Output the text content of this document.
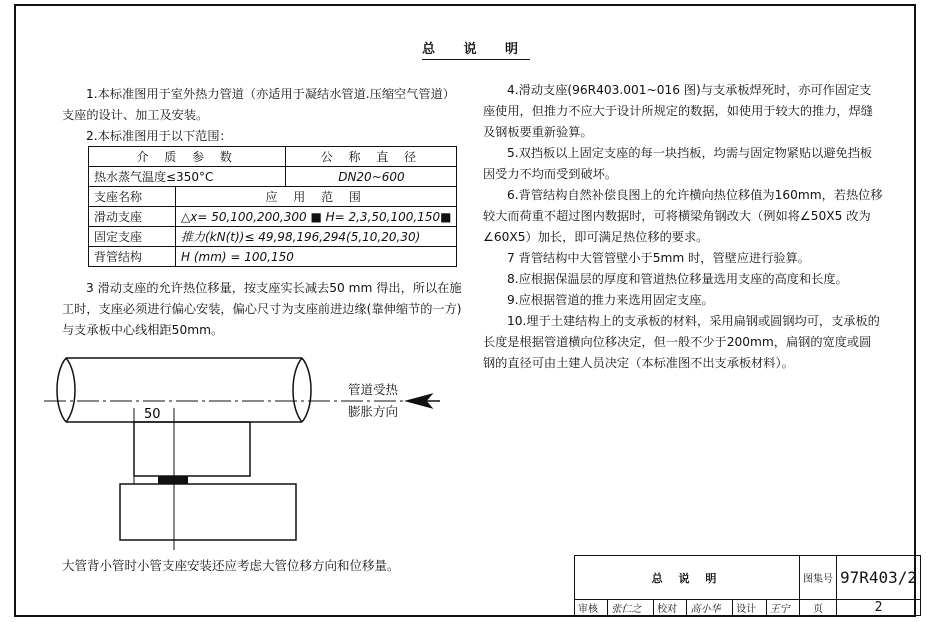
总 说 明

1.本标准图用于室外热力管道（亦适用于凝结水管道.压缩空气管道）支座的设计、加工及安装。

2.本标准图用于以下范围：

介 质 参 数		公 称 直 径
热水蒸气温度≤350°C		DN20~600
支座名称	应 用 范 围	
滑动支座	△x= 50,100,200,300 ■ H= 2,3,50,100,150■	
固定支座	推力(kN(t))≤ 49,98,196,294(5,10,20,30)	
背管结构	H (mm) = 100,150	

3 滑动支座的允许热位移量，按支座实长减去50 mm 得出，所以在施工时，支座必须进行偏心安装，偏心尺寸为支座前进边缘(靠伸缩节的一方)与支承板中心线相距50mm。

50
管道受热
膨胀方向
大管背小管时小管支座安装还应考虑大管位移方向和位移量。

4.滑动支座(96R403.001~016 图)与支承板焊死时，亦可作固定支座使用，但推力不应大于设计所规定的数据，如使用于较大的推力，焊缝及钢板要重新验算。

5.双挡板以上固定支座的每一块挡板，均需与固定物紧贴以避免挡板因受力不均而受到破坏。

6.背管结构自然补偿良图上的允许横向热位移值为160mm，若热位移较大而荷重不超过图内数据时，可将横梁角钢改大（例如将∠50X5 改为 ∠60X5）加长，即可满足热位移的要求。

7 背管结构中大管管壁小于5mm 时，管壁应进行验算。

8.应根据保温层的厚度和管道热位移量选用支座的高度和长度。

9.应根据管道的推力来选用固定支座。

10.埋于土建结构上的支承板的材料，采用扁钢或圆钢均可，支承板的长度是根据管道横向位移决定，但一般不少于200mm，扁钢的宽度或圆钢的直径可由土建人员决定（本标准图不出支承板材料）。

总 说 明						图集号	97R403/2
审核	张仁之	校对	高小华	设计	王宁	页	2
